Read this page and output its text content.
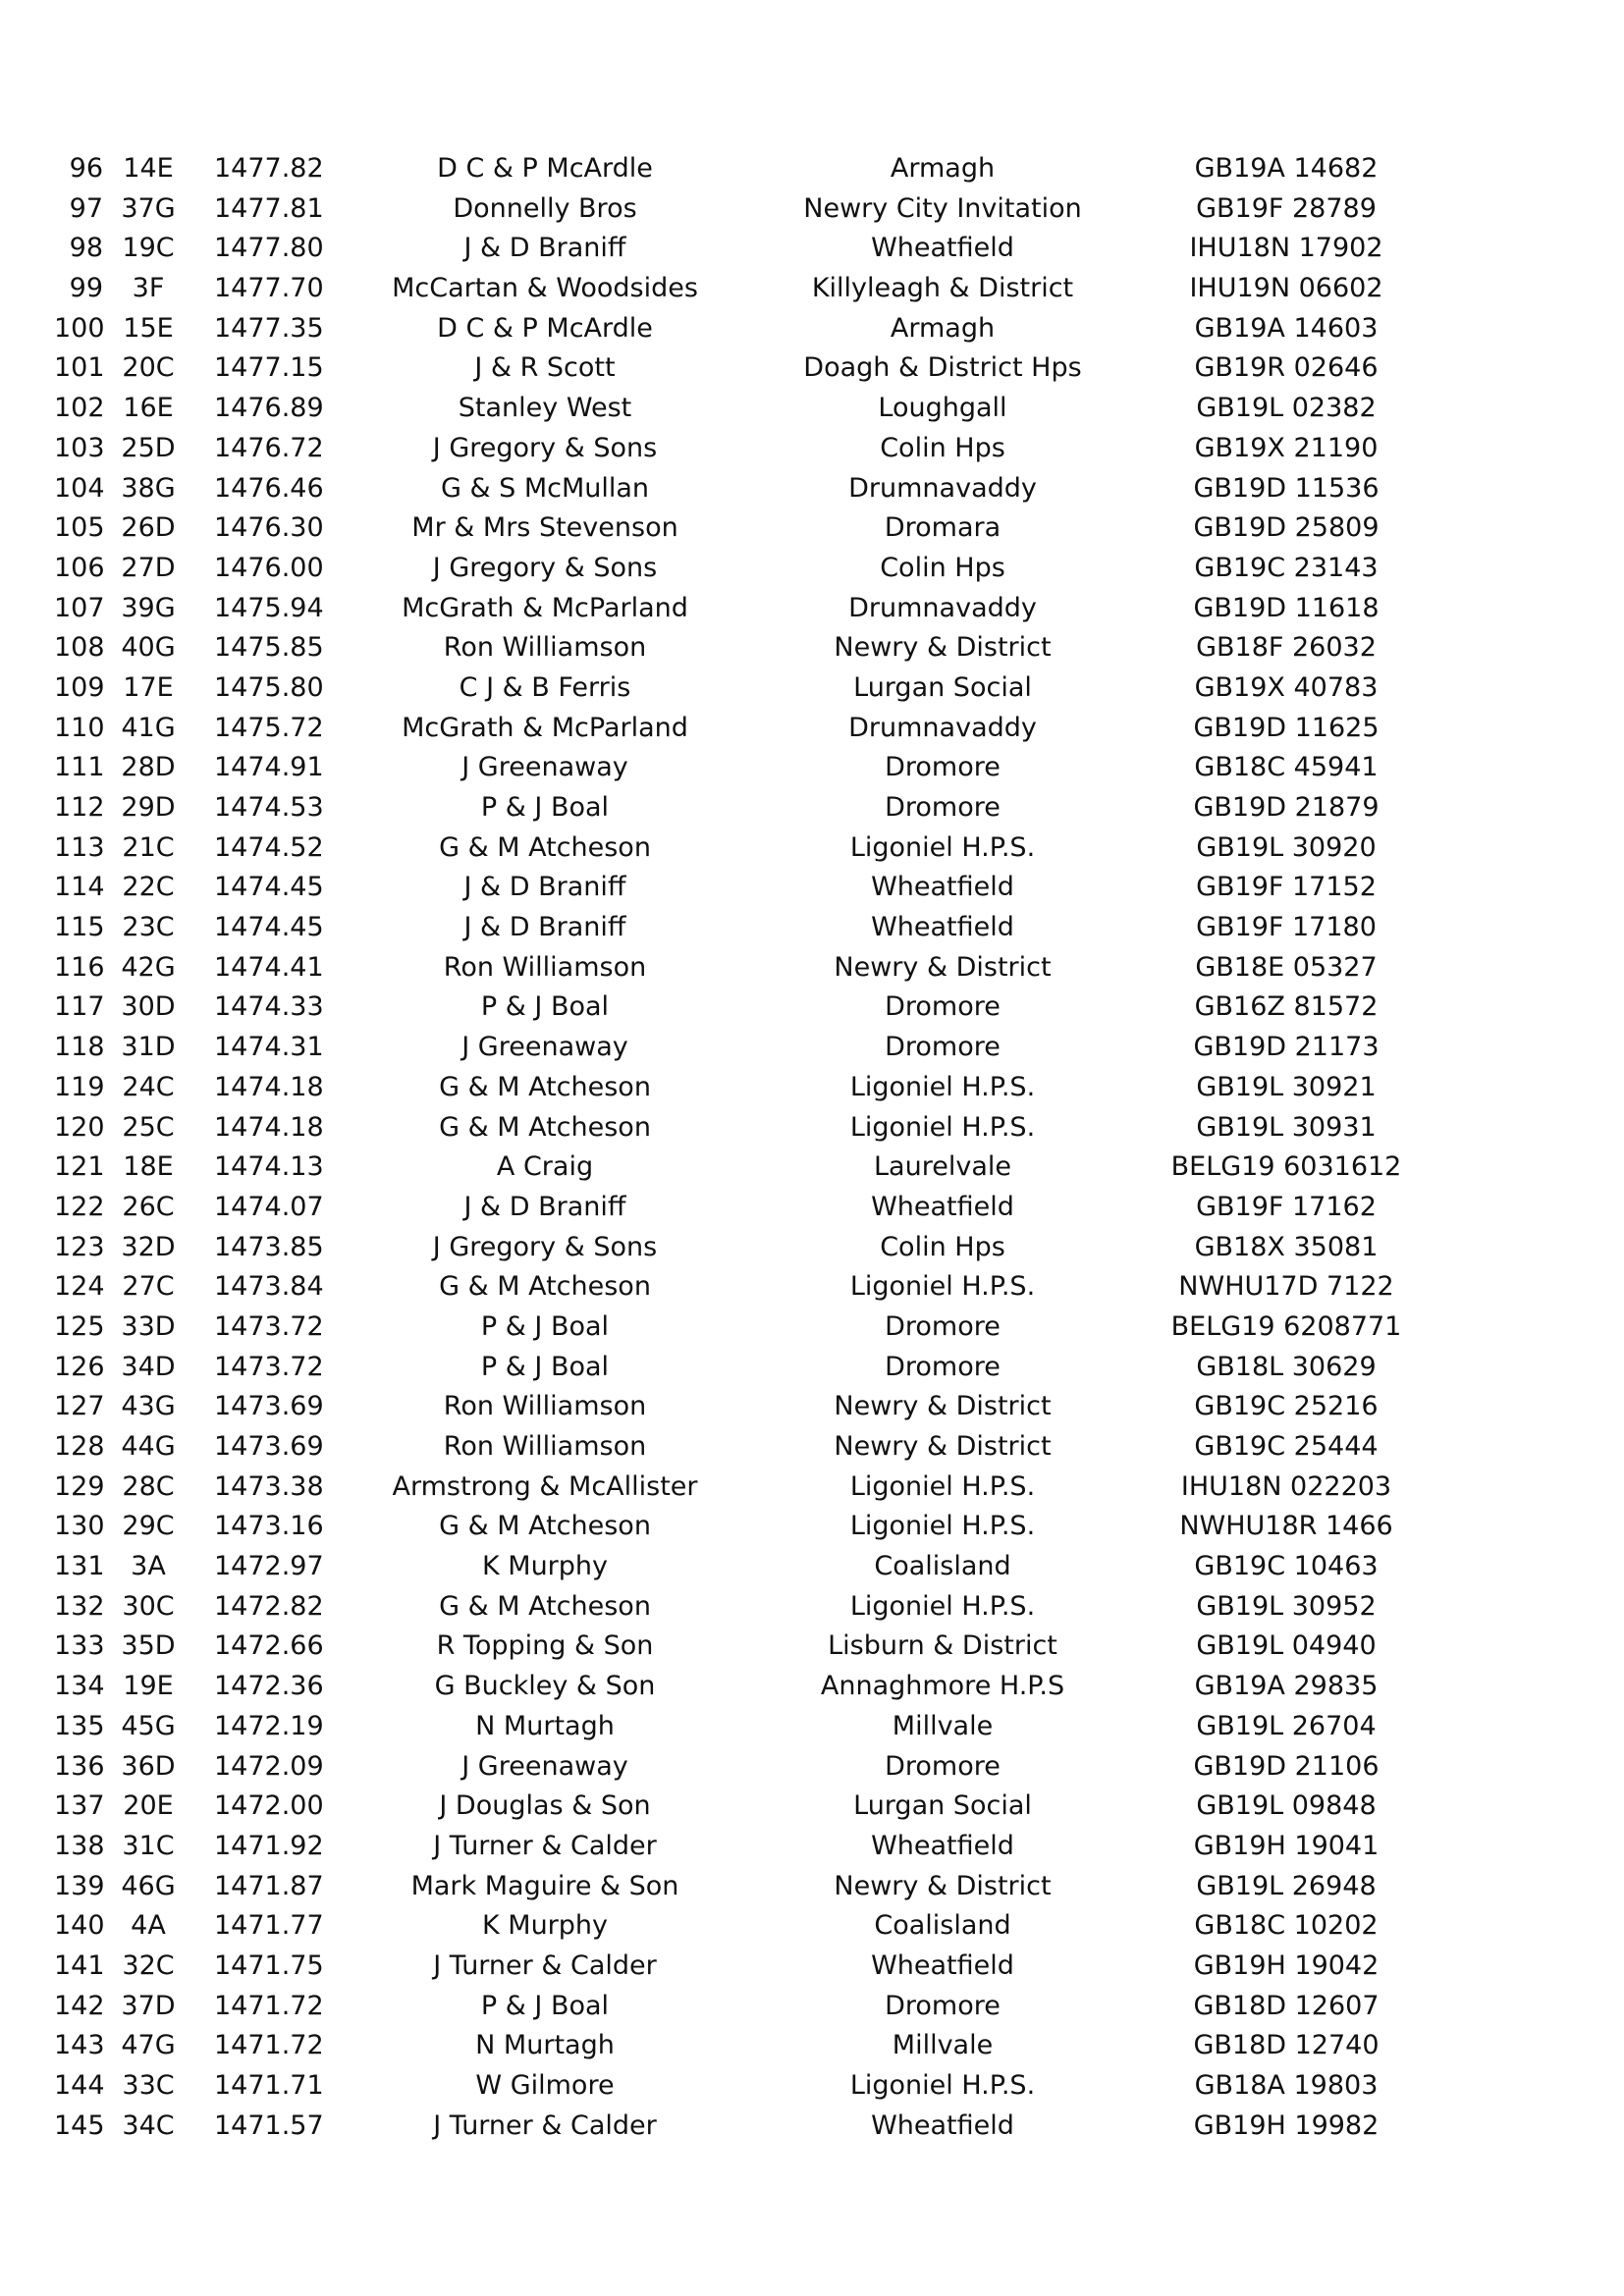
96 14E 1477.82	D C & P McArdle	Armagh	GB19A 14682
97 37G 1477.81	Donnelly Bros	Newry City Invitation	GB19F 28789
98 19C 1477.80	J & D Braniff	Wheatfield	IHU18N 17902
99	3F	1477.70	McCartan & Woodsides	Killyleagh & District	IHU19N 06602
100 15E 1477.35	D C & P McArdle	Armagh	GB19A 14603
101 20C 1477.15	J & R Scott	Doagh & District Hps	GB19R 02646
102 16E 1476.89	Stanley West	Loughgall	GB19L 02382
103 25D 1476.72	J Gregory & Sons	Colin Hps	GB19X 21190
104 38G 1476.46	G & S McMullan	Drumnavaddy	GB19D 11536
105 26D 1476.30	Mr & Mrs Stevenson	Dromara	GB19D 25809
106 27D 1476.00	J Gregory & Sons	Colin Hps	GB19C 23143
107 39G 1475.94	McGrath & McParland	Drumnavaddy	GB19D 11618
108 40G 1475.85	Ron Williamson	Newry & District	GB18F 26032
109 17E 1475.80	C J & B Ferris	Lurgan Social	GB19X 40783
110 41G 1475.72	McGrath & McParland	Drumnavaddy	GB19D 11625
111 28D 1474.91	J Greenaway	Dromore	GB18C 45941
112 29D 1474.53	P & J Boal	Dromore	GB19D 21879
113 21C 1474.52	G & M Atcheson	Ligoniel H.P.S.	GB19L 30920
114 22C 1474.45	J & D Braniff	Wheatfield	GB19F 17152
115 23C 1474.45	J & D Braniff	Wheatfield	GB19F 17180
116 42G 1474.41	Ron Williamson	Newry & District	GB18E 05327
117 30D 1474.33	P & J Boal	Dromore	GB16Z 81572
118 31D 1474.31	J Greenaway	Dromore	GB19D 21173
119 24C 1474.18	G & M Atcheson	Ligoniel H.P.S.	GB19L 30921
120 25C 1474.18	G & M Atcheson	Ligoniel H.P.S.	GB19L 30931
121 18E 1474.13	A Craig	Laurelvale	BELG19 6031612
122 26C 1474.07	J & D Braniff	Wheatfield	GB19F 17162
123 32D 1473.85	J Gregory & Sons	Colin Hps	GB18X 35081
124 27C 1473.84	G & M Atcheson	Ligoniel H.P.S.	NWHU17D 7122
125 33D 1473.72	P & J Boal	Dromore	BELG19 6208771
126 34D 1473.72	P & J Boal	Dromore	GB18L 30629
127 43G 1473.69	Ron Williamson	Newry & District	GB19C 25216
128 44G 1473.69	Ron Williamson	Newry & District	GB19C 25444
129 28C 1473.38	Armstrong & McAllister	Ligoniel H.P.S.	IHU18N 022203
130 29C 1473.16	G & M Atcheson	Ligoniel H.P.S.	NWHU18R 1466
131 3A	1472.97	K Murphy	Coalisland	GB19C 10463
132 30C 1472.82	G & M Atcheson	Ligoniel H.P.S.	GB19L 30952
133 35D 1472.66	R Topping & Son	Lisburn & District	GB19L 04940
134 19E 1472.36	G Buckley & Son	Annaghmore H.P.S	GB19A 29835
135 45G 1472.19	N Murtagh	Millvale	GB19L 26704
136 36D 1472.09	J Greenaway	Dromore	GB19D 21106
137 20E 1472.00	J Douglas & Son	Lurgan Social	GB19L 09848
138 31C 1471.92	J Turner & Calder	Wheatfield	GB19H 19041
139 46G 1471.87	Mark Maguire & Son	Newry & District	GB19L 26948
140 4A	1471.77	K Murphy	Coalisland	GB18C 10202
141 32C 1471.75	J Turner & Calder	Wheatfield	GB19H 19042
142 37D 1471.72	P & J Boal	Dromore	GB18D 12607
143 47G 1471.72	N Murtagh	Millvale	GB18D 12740
144 33C 1471.71	W Gilmore	Ligoniel H.P.S.	GB18A 19803
145 34C 1471.57	J Turner & Calder	Wheatfield	GB19H 19982
